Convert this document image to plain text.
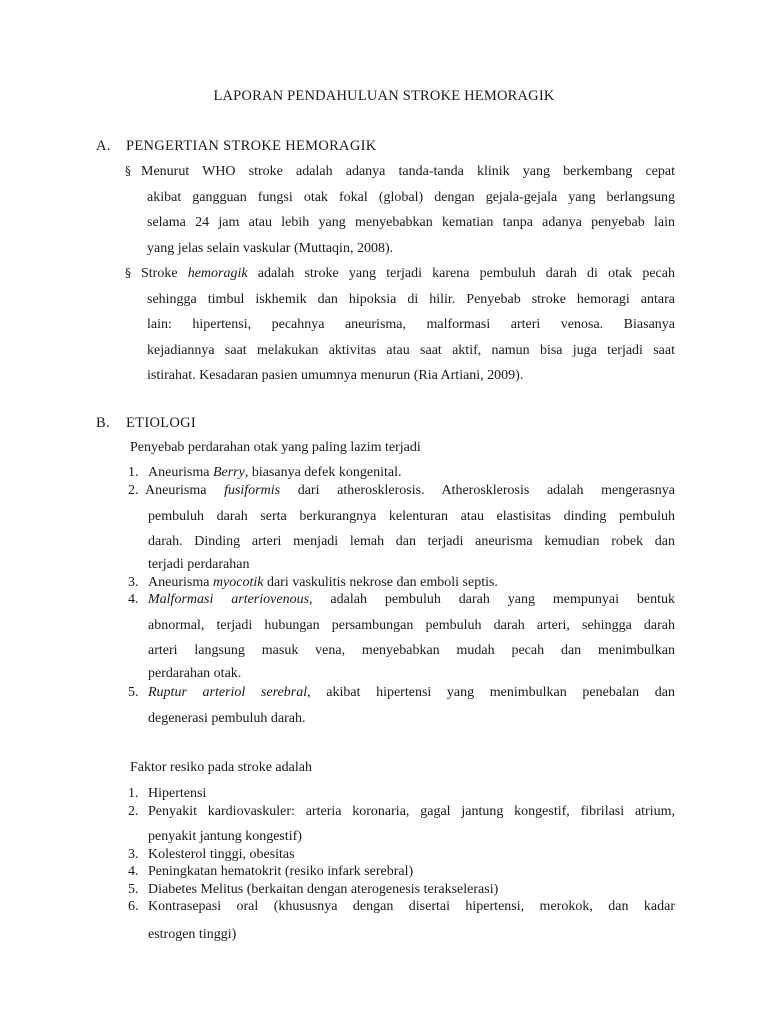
LAPORAN PENDAHULUAN STROKE HEMORAGIK
A. PENGERTIAN STROKE HEMORAGIK
§ Menurut WHO stroke adalah adanya tanda-tanda klinik yang berkembang cepat
akibat gangguan fungsi otak fokal (global) dengan gejala-gejala yang berlangsung
selama 24 jam atau lebih yang menyebabkan kematian tanpa adanya penyebab lain
yang jelas selain vaskular (Muttaqin, 2008).
§ Stroke hemoragik adalah stroke yang terjadi karena pembuluh darah di otak pecah
sehingga timbul iskhemik dan hipoksia di hilir. Penyebab stroke hemoragi antara
lain: hipertensi, pecahnya aneurisma, malformasi arteri venosa. Biasanya
kejadiannya saat melakukan aktivitas atau saat aktif, namun bisa juga terjadi saat
istirahat. Kesadaran pasien umumnya menurun (Ria Artiani, 2009).
B. ETIOLOGI
Penyebab perdarahan otak yang paling lazim terjadi
1. Aneurisma Berry, biasanya defek kongenital.
2. Aneurisma fusiformis dari atherosklerosis. Atherosklerosis adalah mengerasnya
pembuluh darah serta berkurangnya kelenturan atau elastisitas dinding pembuluh
darah. Dinding arteri menjadi lemah dan terjadi aneurisma kemudian robek dan
terjadi perdarahan
3. Aneurisma myocotik dari vaskulitis nekrose dan emboli septis.
4. Malformasi arteriovenous, adalah pembuluh darah yang mempunyai bentuk
abnormal, terjadi hubungan persambungan pembuluh darah arteri, sehingga darah
arteri langsung masuk vena, menyebabkan mudah pecah dan menimbulkan
perdarahan otak.
5. Ruptur arteriol serebral, akibat hipertensi yang menimbulkan penebalan dan
degenerasi pembuluh darah.
Faktor resiko pada stroke adalah
1. Hipertensi
2. Penyakit kardiovaskuler: arteria koronaria, gagal jantung kongestif, fibrilasi atrium,
penyakit jantung kongestif)
3. Kolesterol tinggi, obesitas
4. Peningkatan hematokrit (resiko infark serebral)
5. Diabetes Melitus (berkaitan dengan aterogenesis terakselerasi)
6. Kontrasepasi oral (khususnya dengan disertai hipertensi, merokok, dan kadar
estrogen tinggi)
